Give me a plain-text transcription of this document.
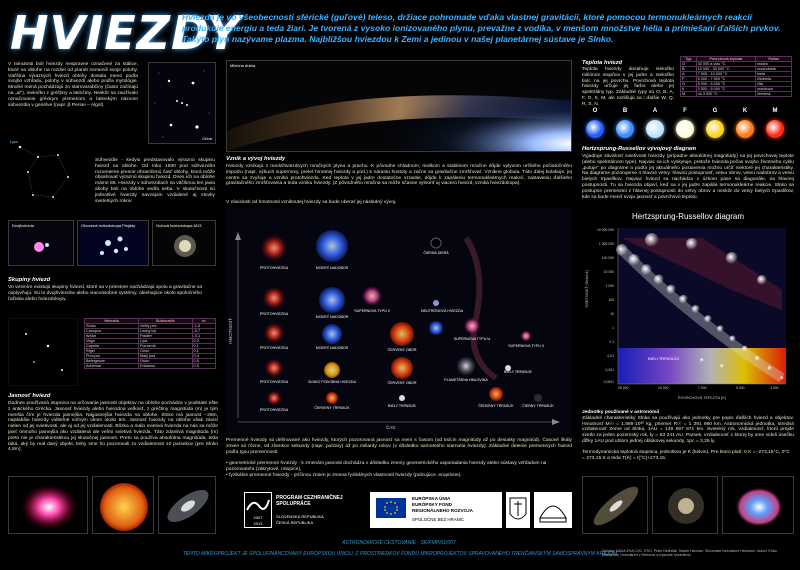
HVIEZDY
Hviezda je vo všeobecnosti sférické (guľové) teleso, držiace pohromade vďaka vlastnej gravitácii, ktoré pomocou termonukleárnych reakcií produkuje energiu a teda žiari. Je tvorená z vysoko ionizovaného plynu, prevažne z vodíka, v menšom množstve hélia a primiešaní ďalších prvkov. Takýto plyn nazývame plazma. Najbližšou hviezdou k Zemi a jedinou v našej planetárnej sústave je Slnko.
V minulosti boli hviezdy nespravne označené za stálice, ktoré na oblohe na rozdiel od planét nemenili svoje polohy. Väčšina výrazných hviezd oblohy dostala meno podľa svojho vzhľadu, polohy v súhvezdí alebo podľa mytológie. Mnohé mená pochádzajú zo starovarabčiny (často začínajú na „al"), niekoľko z gréčtiny a latinčiny. Neskôr sa zaužívalo označovanie gréckym písmenom a latinským názvom súhvezdia v genitíve (napr. β Persei – Algol).
Orion
Lyra
Súhvezdie - kedysi predstavovalo výraznú skupinu hviezd na oblohe. Od roku 1930 pod súhvezdím rozumieme presne ohraničenú časť oblohy, ktorá môže obsahovať výraznú skupinu hviezd. Dnes ich na oblohe máme 88. Hviezdy v súhvezdiach sa väčšinou len javia akoby boli na oblohe vedľa seba. V skutočnosti sú jednotlivé hviezdy navzájom vzdialené aj stovky svetelných rokov.
Dvojhviezda	Otvorená hviezdokopa Plejády	Guľová hviezdokopa M13
Skupiny hviezd
Vo vesmíre existujú skupiny hviezd, ktoré sa v priestore nachádzajú spolu a gravitačne sa ovplyvňujú. Sú to dvojhviezdne alebo viacnásobné systémy, obiehajúce okolo spoločného ťažiska alebo hviezdokopy.
Hviezda	Súhvezdie	m
Sírius	Veľký pes	-1,5
Canopus	Lodný kýl	-0,7
Arktúr	Pastier	-0,1
Vega	Lýra	0,0
Capella	Povozník	0,1
Rigel	Orión	0,1
Procyon	Malý pes	0,4
Betelgeuze	Orión	0,5
Achernar	Eridanus	0,5
Jasnosť hviezd
Dodnes používaná stupnica na určovanie jasnosti objektov na oblohe pochádza v podstate ešte z antického Grécka. Jasnosť hviezdy alebo hviezdna veľkosť, z gréčtiny magnitúda (m) je tým menšia čím je hviezda jasnejšia. Najjasnejšia hviezda na oblohe, Slnko má jasnosť −26m, najslabšie hviezdy viditeľné voľným okom okolo 6m. Jasnosť hviezdy na oblohe však závisí nielen od jej svietivosti, ale aj od jej vzdialenosti. Blízka a málo svietivá hviezda na nás sa môže javiť omnoho jasnejšia ako vzdialená ale veľmi svietivá hviezda. Táto zdanlivá magnitúda (m) preto nie je charakteristikou jej skutočnej jasnosti. Preto sa používa absolútna magnitúda, teda taká, aký by mal daný objekt, keby sme ho pozorovali zo vzdialenosti 10 parsekov (pre Slnko 4,8m).
Mliečna dráha
Vznik a vývoj hviezdy
Hviezdy vznikajú z medzihviezdnych mračných plynu a prachu. K pôvodne chladnom, riedkom a stabilnom mračne dôjde vplyvom určitého počiatočného impulzu (napr. výbuch supernovy, prelet hmotnej hviezdy a pod.) k nárastu hustoty a začne sa gravitačne zmršťovať. Vznikne globula. Táto ďalej kolabuje, jej centre sa zvyšuje a vzniká protohviezda. Keď teplota v jej jadre dostatočne vzrastie, dôjde k zapáleniu termonukleárnych reakcií, zastaveniu ďalšieho gravitačného zmršťovania a teda vzniku hviezdy. (Z pôvodného mračna sa môže sčasne vytvoriť aj viacero hviezd, vzniká hviezdokopa).
V závislosti od hmotnosti vzniknutej hviezdy sa bude uberať jej následný vývoj.
PROTOHVIEZDA	MODRÝ NADOBOR
ČIERNA DIERA
PROTOHVIEZDA
MODRÝ NADOBOR
SUPERNOVA TYPU II	NEUTRÓNOVÁ HVIEZDA
PROTOHVIEZDA	MODRÝ NADOBOR	ČERVENÝ OBOR
SUPERNOVA TYPU Ia
SUPERNOVA TYPU II
PROTOHVIEZDA	SLNKO PODOBNÁ HVIEZDA	ČERVENÝ OBOR
PLANETÁRNA HMLOVINA
BIELY TRPASLÍK
PROTOHVIEZDA	ČERVENÝ TRPASLÍK	BIELY TRPASLÍK	ČERVENÝ TRPASLÍK ČIERNY TRPASLÍK
HMOTNOSŤ
ČAS
Premenné hviezdy sú definované ako hviezdy, ktorých pozorovaná jasnosť sa mení s časom (od tisícin magnitúdy až po desiatky magnitúd). Časové škály zmien sú rôzne, od zlomkov sekundy (napr. pulzary) až po miliardy rokov (v dôsledku samotného starnutia hviezdy). Základné delenie premenných hviezd podľa typu premennosti:
• geometrické premenné hviezdy - k zmenám jasnosti dochádza v dôsledku zmeny geometrického usporiadania hviezdy alebo sústavy vzhľadom na pozorovateľa (zákrytové, rotujúce),
• fyzikálne premenné hviezdy - príčinou zmien je zmena fyzikálnych vlastností hviezdy (pulzujúce, eruptívne).
2007
2013
PROGRAM CEZHRANIČNEJ SPOLUPRÁCE
SLOVENSKÁ REPUBLIKA
ČESKÁ REPUBLIKA
EURÓPSKA ÚNIA
EURÓPSKY FOND
REGIONÁLNEHO ROZVOJA
SPOLOČNE BEZ HRANÍC
ASTRONOMICKÉ CESTOVANIE · SK/FMP/01/007
TENTO MIKROPROJEKT JE SPOLUFINANCOVANÝ EURÓPSKOU ÚNIOU, Z PROSTRIEDKOV FONDU MIKROPROJEKTOV SPRAVOVANÉHO TRENČIANSKYM SAMOSPRÁVNYM KRAJOM
Teplota hviezd
Teplota hviezdy dosahuje niekoľko miliónov stupňov v jej jadre a niekoľko tisíc na jej povrchu. Povrchová teplota hviezdy určuje jej farbu alebo jej spektrálny typ. Základné typy sú O, B, A, F, G, K, M, ale rozlišujú sa i ďalšie W, Q, R, S, N.
Typ	Povrchová teplota	Farba
O	30 000 a viac °C	modrá
B	10 000 - 30 000 °C	modrobiela
A	7 500 - 10 000 °C	biela
F	6 000 - 7 500 °C	žltobiela
G	5 000 - 6 000 °C	žltá
K	3 500 - 5 000 °C	oranžová
M	do 3 500 °C	červená
O	B	A	F	G	K	M
Hertzsprung-Russellov vývojový diagram
Vyjadruje závislosť svietivosti hviezdy (prípadne absolútnej magnitúdy) na jej povrchovej teplote (alebo spektrálnom type). Najviac sa ich vyskytuje, pretože hviezda počas svojho životného cyklu „putuje" po diagrame a podľa jej aktuálneho postavenia možno určiť niektoré jej charakteristiky. Na diagrame pozorujeme 4 hlavné vetvy: hlavnú postupnosť, vetvu obrov, vetvu nadobrov a vetvu bielych trpaslíkov. Najviac hviezd sa nachádza v úzkom páse na diagonále, na hlavnej postupnosti. Tu sa hviezda objaví, keď sa v jej jadre zapália termonukleárne reakcie. Slnko sa postupne premiestni z hlavnej postupnosti do vetvy obrov a neskôr do vetvy bielych trpaslíkov, kde sa bude meniť svoju jasnosť a povrchovú teplotu.
Hertzsprung-Russellov diagram
10 000 000
1 000 000
100 000
10 000
1 000
100
10
1
0,1
0,01
0,001
0,0001
SVIETIVOSŤ (Slnko=1)
25 000	10 000	7 000	5 000	3 000
POVRCHOVÁ TEPLOTA (K)
BIELI TRPASLÍCI
Jednotky používané v astronómii
Základné charakteristiky Slnka sa používajú ako jednotky pre popis ďalších hviezd a objektov. Hmotnosť M☉ = 1,989·10³⁰ kg, priemer R☉ = 1 391 960 km. Astronomická jednotka, stredná vzdialenosť Zeme od Slnka, 1AU = 149 597 871 km. Svetelný rok, vzdialenosť, ktorú prejde svetlo za jeden pozemský rok, ly = 63 241 AU. Parsek, vzdialenosť z ktorej by sme videli úsečku dĺžky 1AU pod uhlom jednej oblúkovej sekundy, 1pc = 3,26 ly.
Termodynamická teplotná stupnica, jednotkou je K (kelvin). Pre ktorú platí: 0 K = -273,15°C, 0°C = 273,15 K a teda T(K) = t(°C)+273,15.
Snímky: NASA ESA CXC, ESO, Peter Delinčák, Marek Harman, Slovenske hvezdarne Hlohovec. Autori: Erika Matejková, Hvezdáreň v Hlohovci a Kysucké hvezdárne
